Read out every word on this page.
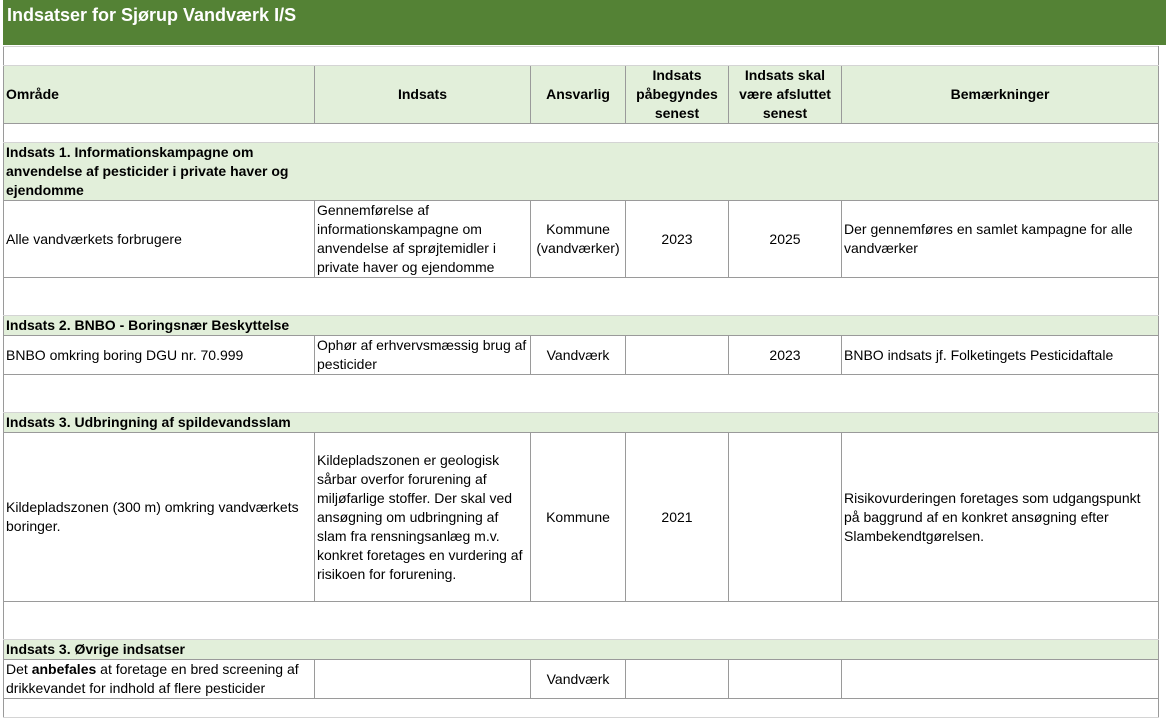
Indsatser for Sjørup Vandværk I/S

Område	Indsats	Ansvarlig	Indsats påbegyndes senest	Indsats skal være afsluttet senest	Bemærkninger

Indsats 1. Informationskampagne om anvendelse af pesticider i private haver og ejendomme					

Alle vandværkets forbrugere	Gennemførelse af informationskampagne om anvendelse af sprøjtemidler i private haver og ejendomme	Kommune (vandværker)	2023	2025	Der gennemføres en samlet kampagne for alle vandværker

Indsats 2. BNBO - Boringsnær Beskyttelse					
BNBO omkring boring DGU nr. 70.999	Ophør af erhvervsmæssig brug af pesticider	Vandværk		2023	BNBO indsats jf. Folketingets Pesticidaftale

Indsats 3. Udbringning af spildevandsslam					
Kildepladszonen (300 m) omkring vandværkets boringer.	Kildepladszonen er geologisk sårbar overfor forurening af miljøfarlige stoffer. Der skal ved ansøgning om udbringning af slam fra rensningsanlæg m.v. konkret foretages en vurdering af risikoen for forurening.	Kommune	2021		Risikovurderingen foretages som udgangspunkt på baggrund af en konkret ansøgning efter Slambekendtgørelsen.

Indsats 3. Øvrige indsatser					
Det anbefales at foretage en bred screening af drikkevandet for indhold af flere pesticider		Vandværk			
